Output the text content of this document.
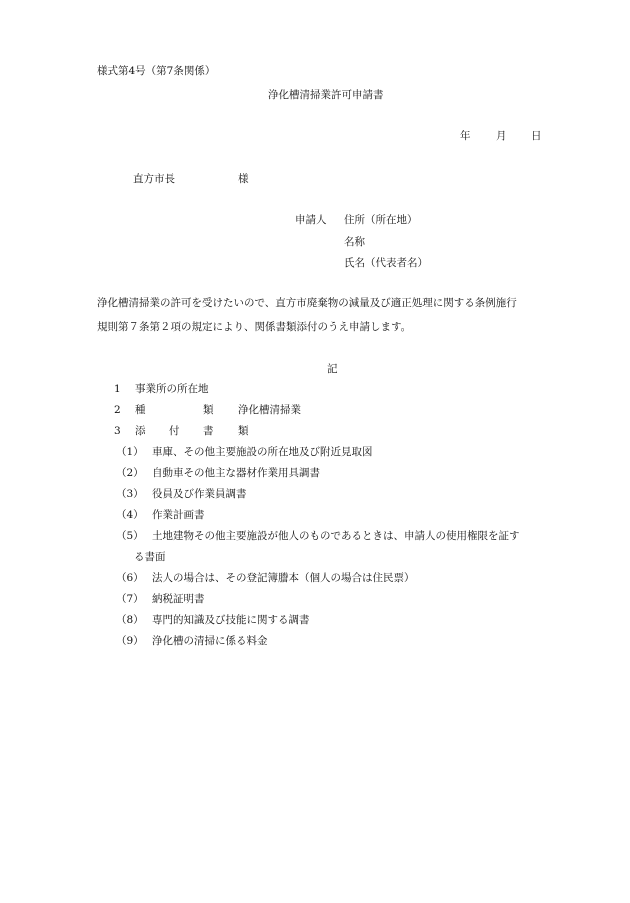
様式第4号（第7条関係）
浄化槽清掃業許可申請書
年 月 日
直方市長	様
申請人 住所（所在地）
名称
氏名（代表者名）
浄化槽清掃業の許可を受けたいので、直方市廃棄物の減量及び適正処理に関する条例施行
規則第７条第２項の規定により、関係書類添付のうえ申請します。
記
1 事業所の所在地
2	種	類 浄化槽清掃業
3	添 付 書 類
（1） 車庫、その他主要施設の所在地及び附近見取図
（2） 自動車その他主な器材作業用具調書
（3） 役員及び作業員調書
（4） 作業計画書
（5） 土地建物その他主要施設が他人のものであるときは、申請人の使用権限を証す
る書面
（6） 法人の場合は、その登記簿謄本（個人の場合は住民票）
（7） 納税証明書
（8） 専門的知識及び技能に関する調書
（9） 浄化槽の清掃に係る料金
